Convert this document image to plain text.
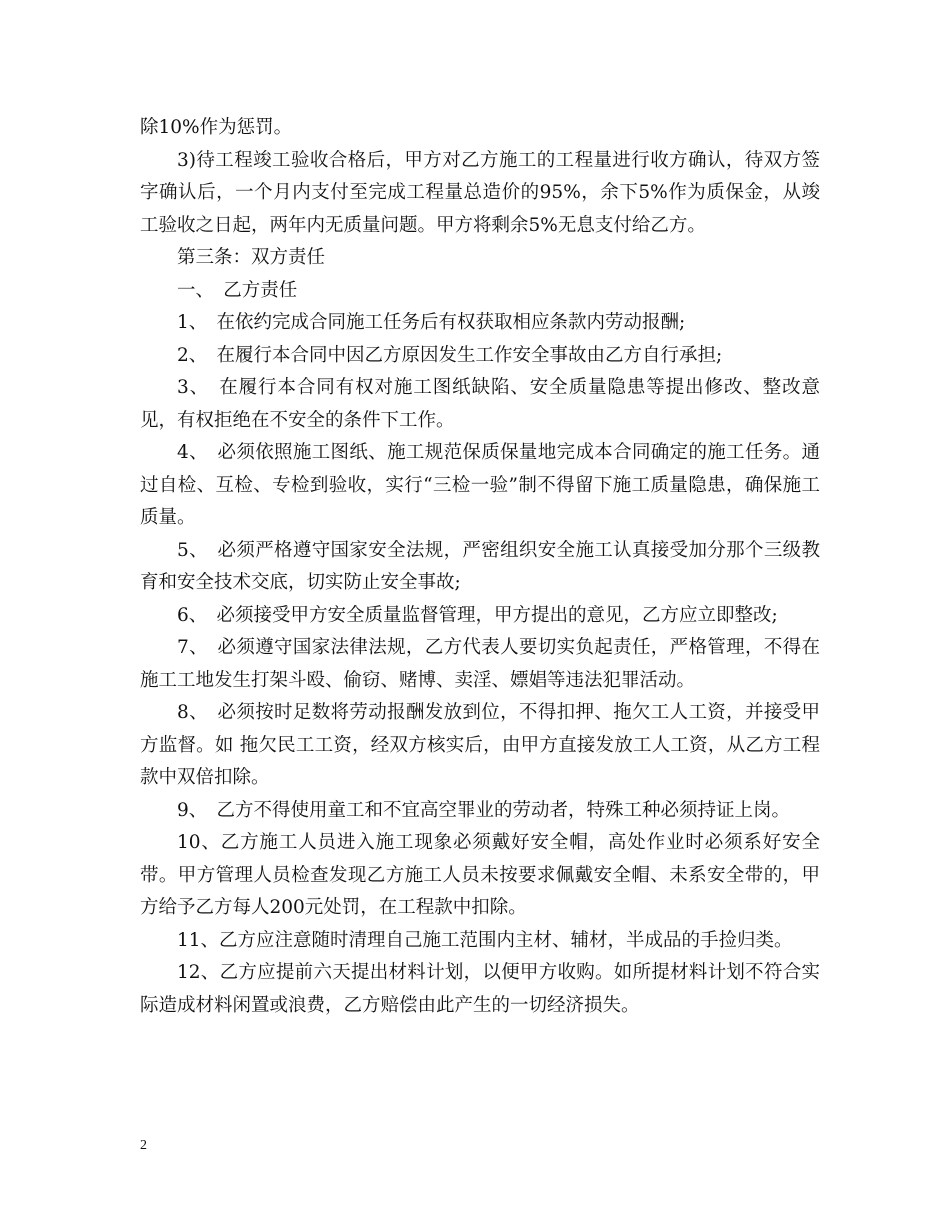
除10%作为惩罚。

3)待工程竣工验收合格后，甲方对乙方施工的工程量进行收方确认，待双方签字确认后，一个月内支付至完成工程量总造价的95%，余下5%作为质保金，从竣工验收之日起，两年内无质量问题。甲方将剩余5%无息支付给乙方。

第三条：双方责任

一、　乙方责任

1、　在依约完成合同施工任务后有权获取相应条款内劳动报酬;

2、　在履行本合同中因乙方原因发生工作安全事故由乙方自行承担;

3、　在履行本合同有权对施工图纸缺陷、安全质量隐患等提出修改、整改意见，有权拒绝在不安全的条件下工作。

4、　必须依照施工图纸、施工规范保质保量地完成本合同确定的施工任务。通过自检、互检、专检到验收，实行“三检一验”制不得留下施工质量隐患，确保施工质量。

5、　必须严格遵守国家安全法规，严密组织安全施工认真接受加分那个三级教育和安全技术交底，切实防止安全事故;

6、　必须接受甲方安全质量监督管理，甲方提出的意见，乙方应立即整改;

7、　必须遵守国家法律法规，乙方代表人要切实负起责任，严格管理，不得在施工工地发生打架斗殴、偷窃、赌博、卖淫、嫖娼等违法犯罪活动。

8、　必须按时足数将劳动报酬发放到位，不得扣押、拖欠工人工资，并接受甲方监督。如 拖欠民工工资，经双方核实后，由甲方直接发放工人工资，从乙方工程款中双倍扣除。

9、　乙方不得使用童工和不宜高空罪业的劳动者，特殊工种必须持证上岗。

10、乙方施工人员进入施工现象必须戴好安全帽，高处作业时必须系好安全带。甲方管理人员检查发现乙方施工人员未按要求佩戴安全帽、未系安全带的，甲方给予乙方每人200元处罚，在工程款中扣除。

11、乙方应注意随时清理自己施工范围内主材、辅材，半成品的手捡归类。

12、乙方应提前六天提出材料计划，以便甲方收购。如所提材料计划不符合实际造成材料闲置或浪费，乙方赔偿由此产生的一切经济损失。

2
